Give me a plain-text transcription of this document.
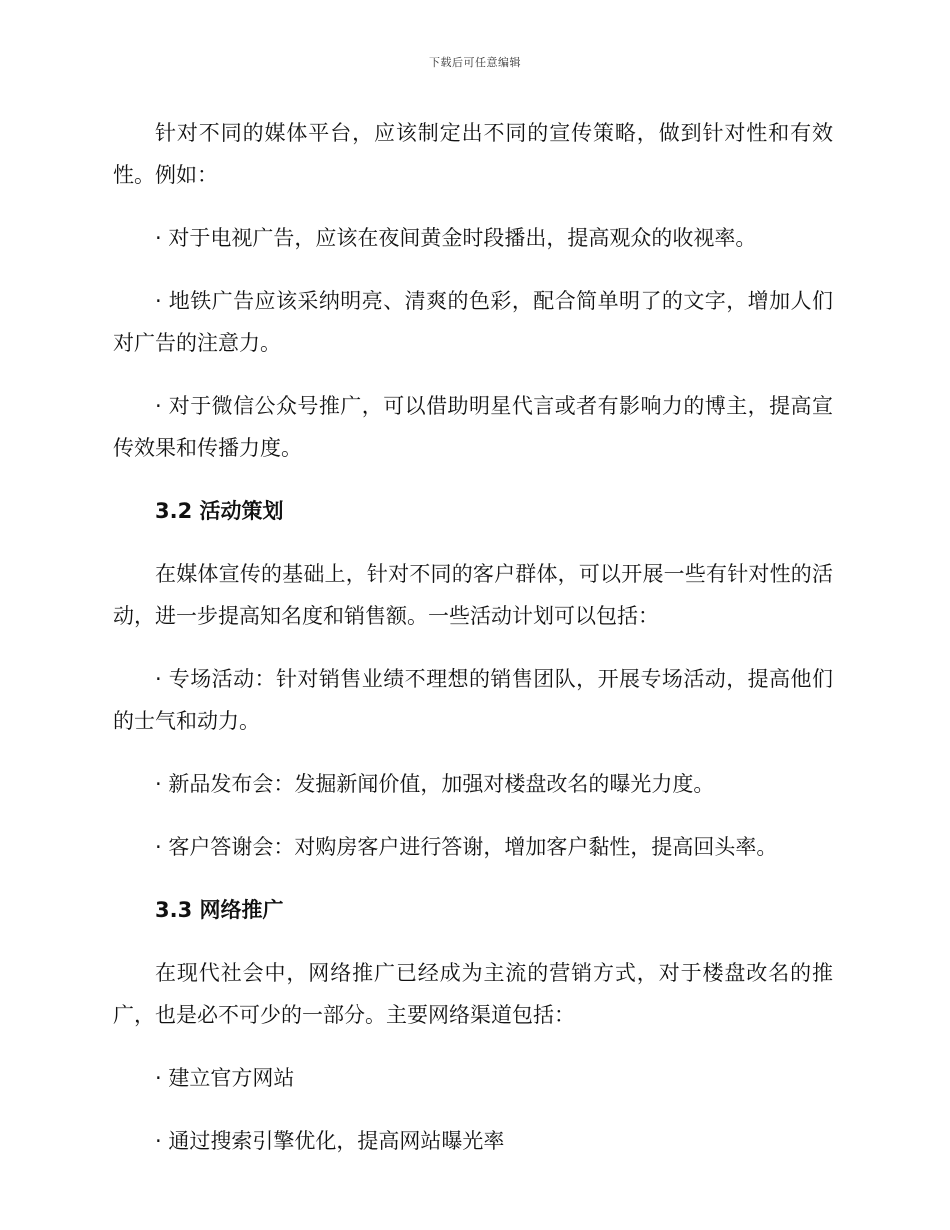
下载后可任意编辑

针对不同的媒体平台，应该制定出不同的宣传策略，做到针对性和有效性。例如：

· 对于电视广告，应该在夜间黄金时段播出，提高观众的收视率。

· 地铁广告应该采纳明亮、清爽的色彩，配合简单明了的文字，增加人们对广告的注意力。

· 对于微信公众号推广，可以借助明星代言或者有影响力的博主，提高宣传效果和传播力度。

3.2 活动策划

在媒体宣传的基础上，针对不同的客户群体，可以开展一些有针对性的活动，进一步提高知名度和销售额。一些活动计划可以包括：

· 专场活动：针对销售业绩不理想的销售团队，开展专场活动，提高他们的士气和动力。

· 新品发布会：发掘新闻价值，加强对楼盘改名的曝光力度。

· 客户答谢会：对购房客户进行答谢，增加客户黏性，提高回头率。

3.3 网络推广

在现代社会中，网络推广已经成为主流的营销方式，对于楼盘改名的推广，也是必不可少的一部分。主要网络渠道包括：

· 建立官方网站

· 通过搜索引擎优化，提高网站曝光率
